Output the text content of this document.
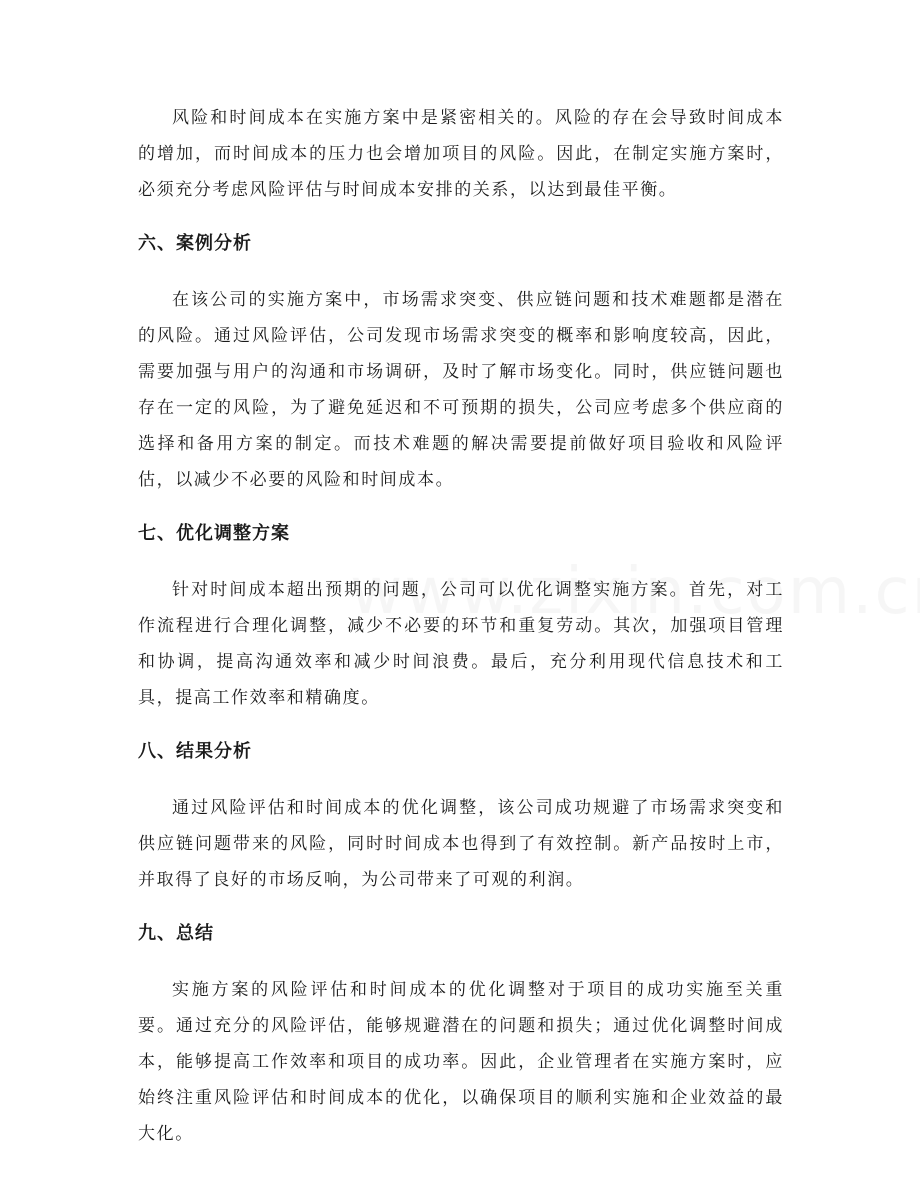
风险和时间成本在实施方案中是紧密相关的。风险的存在会导致时间成本的增加，而时间成本的压力也会增加项目的风险。因此，在制定实施方案时，必须充分考虑风险评估与时间成本安排的关系，以达到最佳平衡。

六、案例分析

在该公司的实施方案中，市场需求突变、供应链问题和技术难题都是潜在的风险。通过风险评估，公司发现市场需求突变的概率和影响度较高，因此，需要加强与用户的沟通和市场调研，及时了解市场变化。同时，供应链问题也存在一定的风险，为了避免延迟和不可预期的损失，公司应考虑多个供应商的选择和备用方案的制定。而技术难题的解决需要提前做好项目验收和风险评估，以减少不必要的风险和时间成本。

七、优化调整方案

针对时间成本超出预期的问题，公司可以优化调整实施方案。首先，对工作流程进行合理化调整，减少不必要的环节和重复劳动。其次，加强项目管理和协调，提高沟通效率和减少时间浪费。最后，充分利用现代信息技术和工具，提高工作效率和精确度。

八、结果分析

通过风险评估和时间成本的优化调整，该公司成功规避了市场需求突变和供应链问题带来的风险，同时时间成本也得到了有效控制。新产品按时上市，并取得了良好的市场反响，为公司带来了可观的利润。

九、总结

实施方案的风险评估和时间成本的优化调整对于项目的成功实施至关重要。通过充分的风险评估，能够规避潜在的问题和损失；通过优化调整时间成本，能够提高工作效率和项目的成功率。因此，企业管理者在实施方案时，应始终注重风险评估和时间成本的优化，以确保项目的顺利实施和企业效益的最大化。
